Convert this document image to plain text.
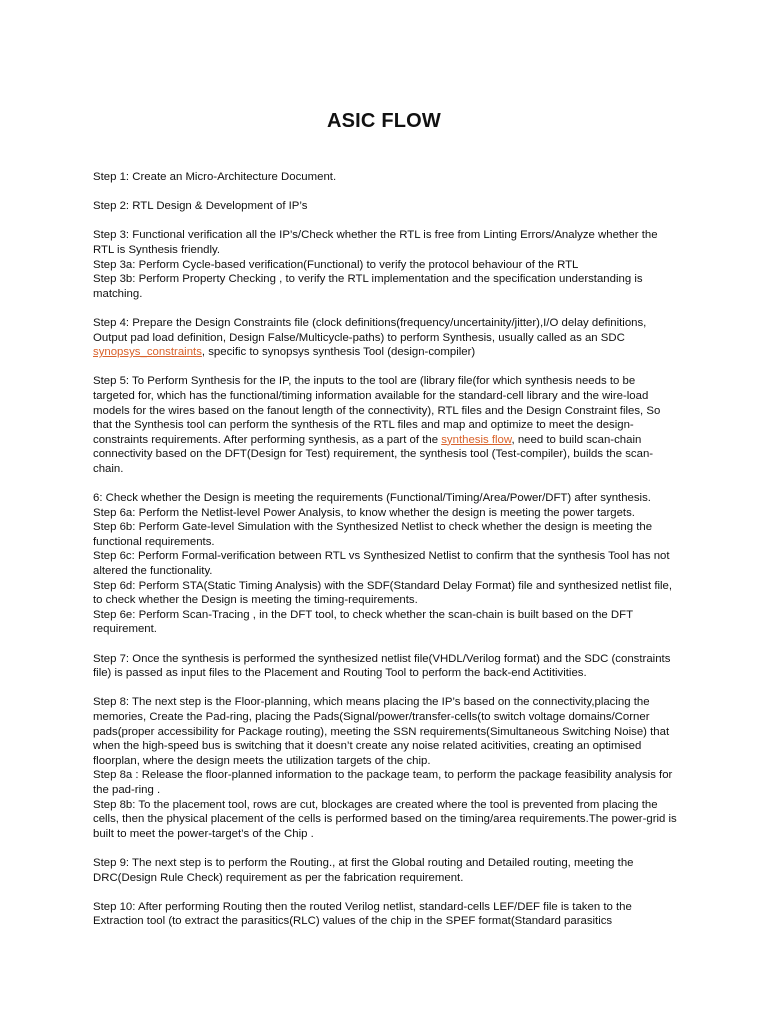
ASIC FLOW

Step 1: Create an Micro-Architecture Document.

Step 2: RTL Design & Development of IP’s

Step 3: Functional verification all the IP’s/Check whether the RTL is free from Linting Errors/Analyze whether the RTL is Synthesis friendly.

Step 3a: Perform Cycle-based verification(Functional) to verify the protocol behaviour of the RTL

Step 3b: Perform Property Checking , to verify the RTL implementation and the specification understanding is matching.

Step 4: Prepare the Design Constraints file (clock definitions(frequency/uncertainity/jitter),I/O delay definitions, Output pad load definition, Design False/Multicycle-paths) to perform Synthesis, usually called as an SDC synopsys_constraints, specific to synopsys synthesis Tool (design-compiler)

Step 5: To Perform Synthesis for the IP, the inputs to the tool are (library file(for which synthesis needs to be targeted for, which has the functional/timing information available for the standard-cell library and the wire-load models for the wires based on the fanout length of the connectivity), RTL files and the Design Constraint files, So that the Synthesis tool can perform the synthesis of the RTL files and map and optimize to meet the design-constraints requirements. After performing synthesis, as a part of the synthesis flow, need to build scan-chain connectivity based on the DFT(Design for Test) requirement, the synthesis tool (Test-compiler), builds the scan-chain.

6: Check whether the Design is meeting the requirements (Functional/Timing/Area/Power/DFT) after synthesis.

Step 6a: Perform the Netlist-level Power Analysis, to know whether the design is meeting the power targets.

Step 6b: Perform Gate-level Simulation with the Synthesized Netlist to check whether the design is meeting the functional requirements.

Step 6c: Perform Formal-verification between RTL vs Synthesized Netlist to confirm that the synthesis Tool has not altered the functionality.

Step 6d: Perform STA(Static Timing Analysis) with the SDF(Standard Delay Format) file and synthesized netlist file, to check whether the Design is meeting the timing-requirements.

Step 6e: Perform Scan-Tracing , in the DFT tool, to check whether the scan-chain is built based on the DFT requirement.

Step 7: Once the synthesis is performed the synthesized netlist file(VHDL/Verilog format) and the SDC (constraints file) is passed as input files to the Placement and Routing Tool to perform the back-end Actitivities.

Step 8: The next step is the Floor-planning, which means placing the IP’s based on the connectivity,placing the memories, Create the Pad-ring, placing the Pads(Signal/power/transfer-cells(to switch voltage domains/Corner pads(proper accessibility for Package routing), meeting the SSN requirements(Simultaneous Switching Noise) that when the high-speed bus is switching that it doesn’t create any noise related acitivities, creating an optimised floorplan, where the design meets the utilization targets of the chip.

Step 8a : Release the floor-planned information to the package team, to perform the package feasibility analysis for the pad-ring .

Step 8b: To the placement tool, rows are cut, blockages are created where the tool is prevented from placing the cells, then the physical placement of the cells is performed based on the timing/area requirements.The power-grid is built to meet the power-target’s of the Chip .

Step 9: The next step is to perform the Routing., at first the Global routing and Detailed routing, meeting the DRC(Design Rule Check) requirement as per the fabrication requirement.

Step 10: After performing Routing then the routed Verilog netlist, standard-cells LEF/DEF file is taken to the Extraction tool (to extract the parasitics(RLC) values of the chip in the SPEF format(Standard parasitics
